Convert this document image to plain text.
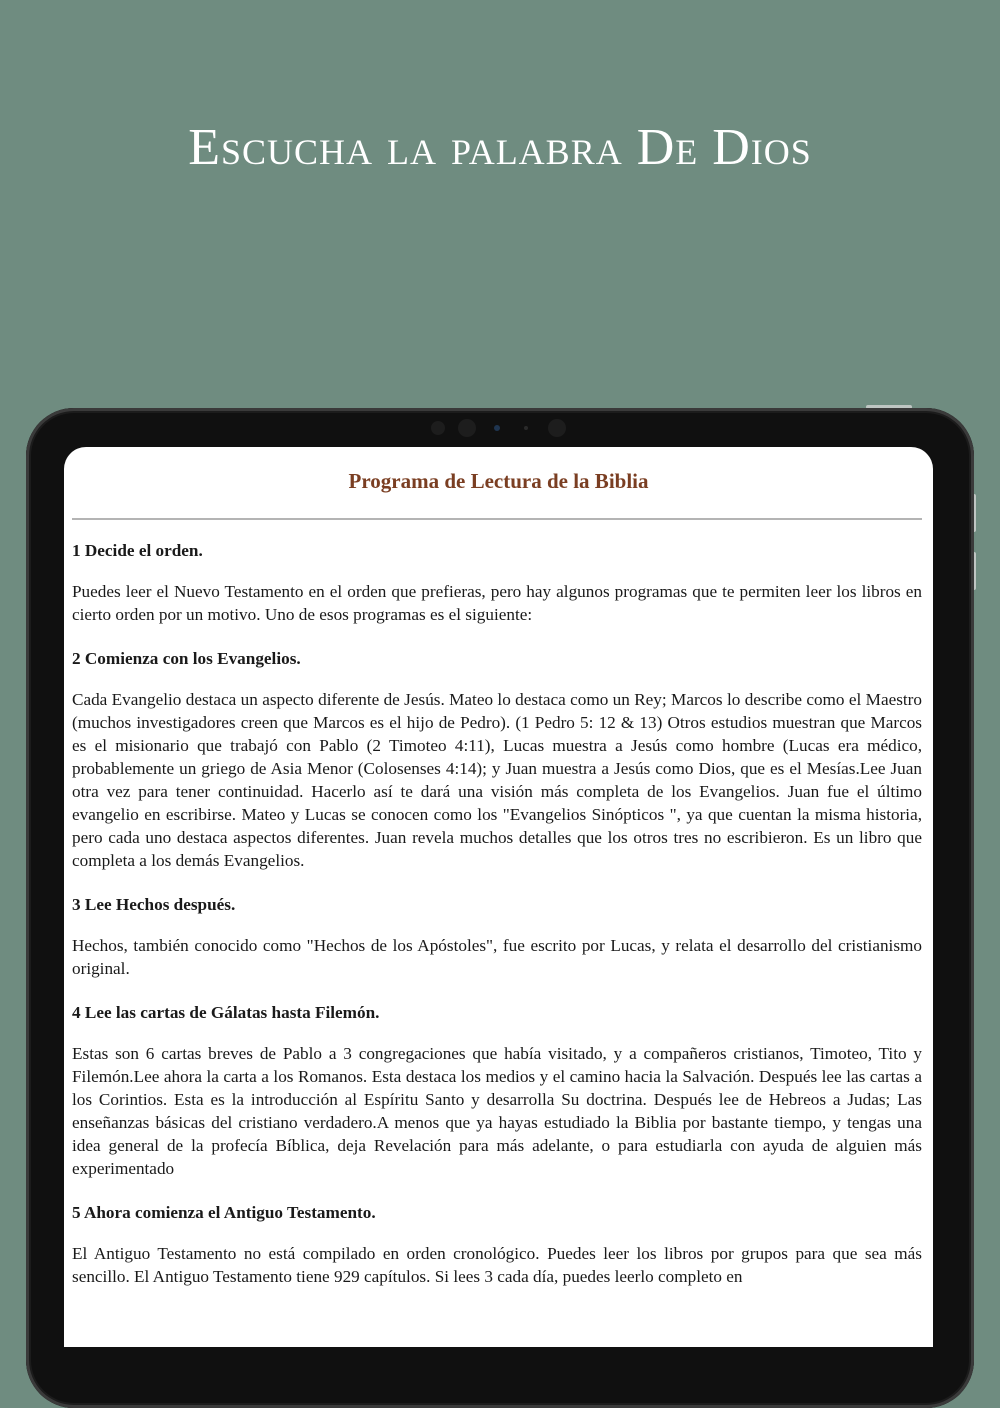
Escucha la palabra De Dios
Programa de Lectura de la Biblia
1 Decide el orden.

Puedes leer el Nuevo Testamento en el orden que prefieras, pero hay algunos programas que te permiten leer los libros en cierto orden por un motivo. Uno de esos programas es el siguiente:

2 Comienza con los Evangelios.

Cada Evangelio destaca un aspecto diferente de Jesús. Mateo lo destaca como un Rey; Marcos lo describe como el Maestro (muchos investigadores creen que Marcos es el hijo de Pedro). (1 Pedro 5: 12 & 13) Otros estudios muestran que Marcos es el misionario que trabajó con Pablo (2 Timoteo 4:11), Lucas muestra a Jesús como hombre (Lucas era médico, probablemente un griego de Asia Menor (Colosenses 4:14); y Juan muestra a Jesús como Dios, que es el Mesías.Lee Juan otra vez para tener continuidad. Hacerlo así te dará una visión más completa de los Evangelios. Juan fue el último evangelio en escribirse. Mateo y Lucas se conocen como los "Evangelios Sinópticos ", ya que cuentan la misma historia, pero cada uno destaca aspectos diferentes. Juan revela muchos detalles que los otros tres no escribieron. Es un libro que completa a los demás Evangelios.

3 Lee Hechos después.

Hechos, también conocido como "Hechos de los Apóstoles", fue escrito por Lucas, y relata el desarrollo del cristianismo original.

4 Lee las cartas de Gálatas hasta Filemón.

Estas son 6 cartas breves de Pablo a 3 congregaciones que había visitado, y a compañeros cristianos, Timoteo, Tito y Filemón.Lee ahora la carta a los Romanos. Esta destaca los medios y el camino hacia la Salvación. Después lee las cartas a los Corintios. Esta es la introducción al Espíritu Santo y desarrolla Su doctrina. Después lee de Hebreos a Judas; Las enseñanzas básicas del cristiano verdadero.A menos que ya hayas estudiado la Biblia por bastante tiempo, y tengas una idea general de la profecía Bíblica, deja Revelación para más adelante, o para estudiarla con ayuda de alguien más experimentado

5 Ahora comienza el Antiguo Testamento.

El Antiguo Testamento no está compilado en orden cronológico. Puedes leer los libros por grupos para que sea más sencillo. El Antiguo Testamento tiene 929 capítulos. Si lees 3 cada día, puedes leerlo completo en
